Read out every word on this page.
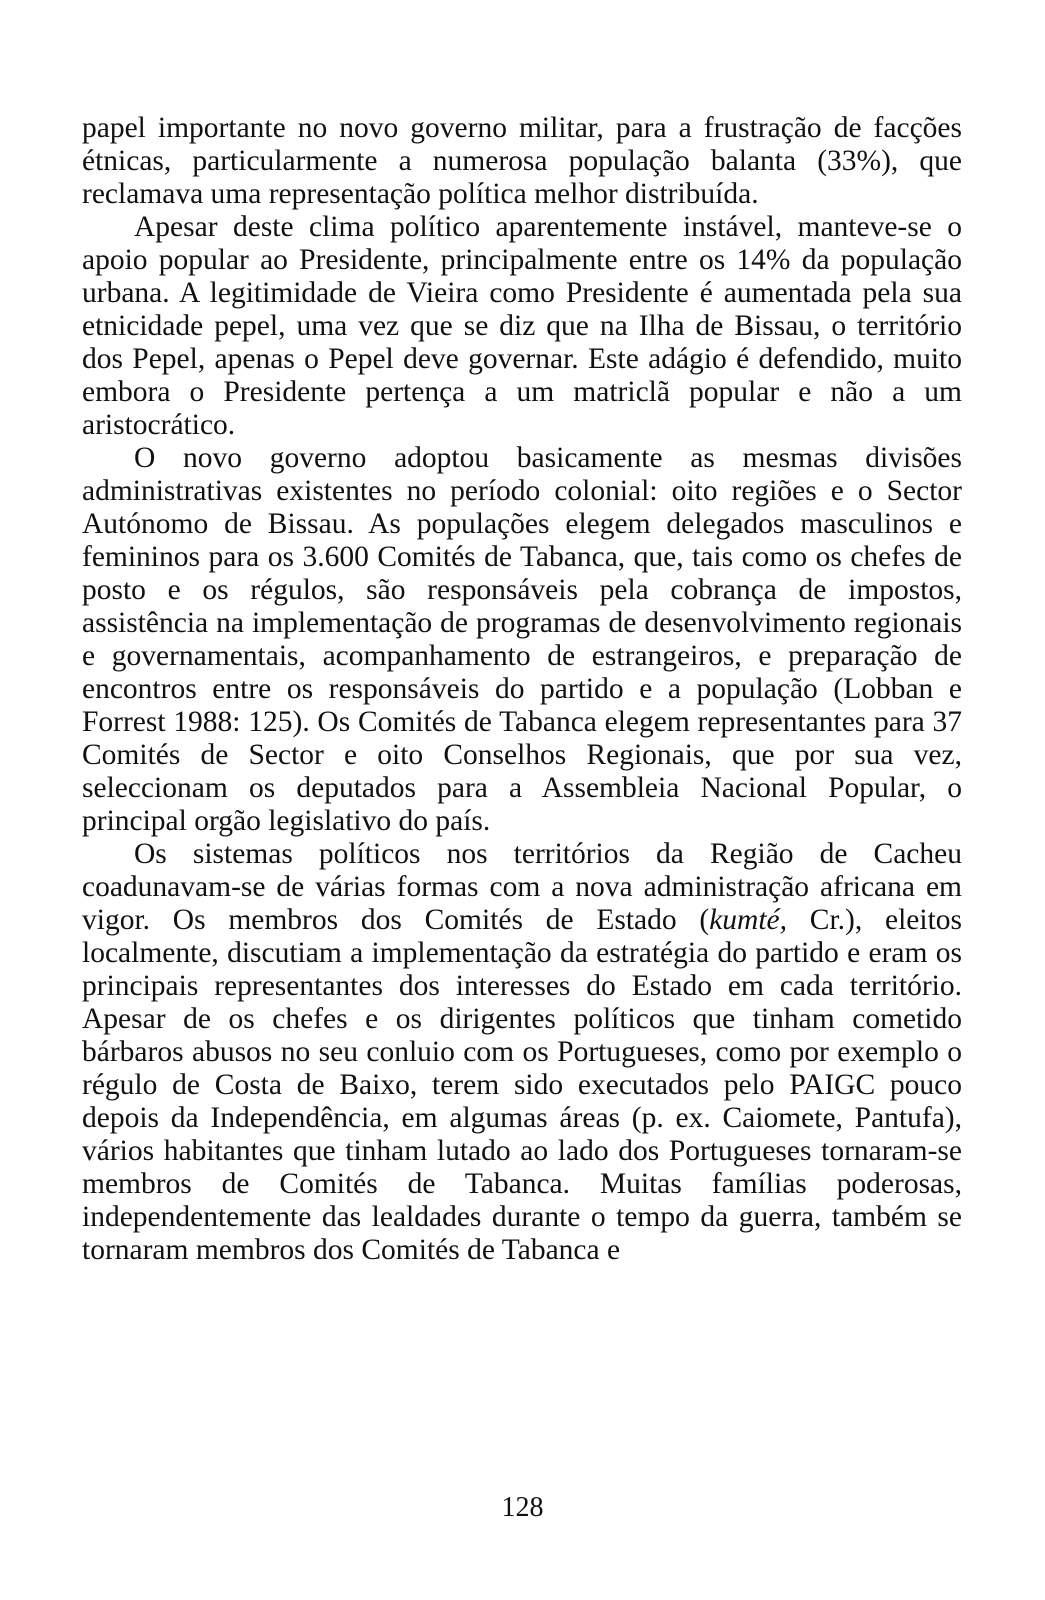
papel importante no novo governo militar, para a frustração de facções étnicas, particularmente a numerosa população balanta (33%), que reclamava uma representação política melhor distribuída.

Apesar deste clima político aparentemente instável, manteve-se o apoio popular ao Presidente, principalmente entre os 14% da população urbana. A legitimidade de Vieira como Presidente é aumentada pela sua etnicidade pepel, uma vez que se diz que na Ilha de Bissau, o território dos Pepel, apenas o Pepel deve governar. Este adágio é defendido, muito embora o Presidente pertença a um matriclã popular e não a um aristocrático.

O novo governo adoptou basicamente as mesmas divisões administrativas existentes no período colonial: oito regiões e o Sector Autónomo de Bissau. As populações elegem delegados masculinos e femininos para os 3.600 Comités de Tabanca, que, tais como os chefes de posto e os régulos, são responsáveis pela cobrança de impostos, assistência na implementação de programas de desenvolvimento regionais e governamentais, acompanhamento de estrangeiros, e preparação de encontros entre os responsáveis do partido e a população (Lobban e Forrest 1988: 125). Os Comités de Tabanca elegem representantes para 37 Comités de Sector e oito Conselhos Regionais, que por sua vez, seleccionam os deputados para a Assembleia Nacional Popular, o principal orgão legislativo do país.

Os sistemas políticos nos territórios da Região de Cacheu coadunavam-se de várias formas com a nova administração africana em vigor. Os membros dos Comités de Estado (kumté, Cr.), eleitos localmente, discutiam a implementação da estratégia do partido e eram os principais representantes dos interesses do Estado em cada território. Apesar de os chefes e os dirigentes políticos que tinham cometido bárbaros abusos no seu conluio com os Portugueses, como por exemplo o régulo de Costa de Baixo, terem sido executados pelo PAIGC pouco depois da Independência, em algumas áreas (p. ex. Caiomete, Pantufa), vários habitantes que tinham lutado ao lado dos Portugueses tornaram-se membros de Comités de Tabanca. Muitas famílias poderosas, independentemente das lealdades durante o tempo da guerra, também se tornaram membros dos Comités de Tabanca e

128
